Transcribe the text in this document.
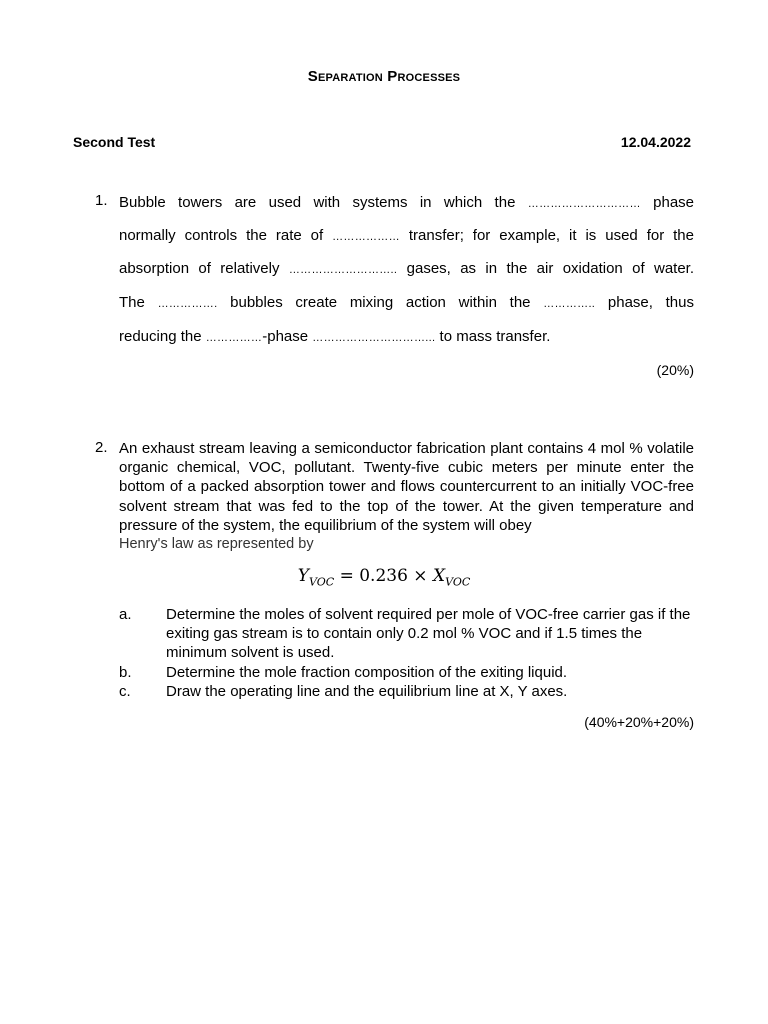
Separation Processes
Second Test	12.04.2022
1. Bubble towers are used with systems in which the ………………………… phase
normally controls the rate of ……………… transfer; for example, it is used for the
absorption of relatively ……………………….. gases, as in the air oxidation of water.
The ……………. bubbles create mixing action within the ………….. phase, thus
reducing the ……………-phase …………………………... to mass transfer.
(20%)
2. An exhaust stream leaving a semiconductor fabrication plant contains 4 mol % volatile organic chemical, VOC, pollutant. Twenty-five cubic meters per minute enter the bottom of a packed absorption tower and flows countercurrent to an initially VOC-free solvent stream that was fed to the top of the tower. At the given temperature and pressure of the system, the equilibrium of the system will obey
Henry's law as represented by
$Y_{VOC} = 0.236 \times X_{VOC}$
a. Determine the moles of solvent required per mole of VOC-free carrier gas if the exiting gas stream is to contain only 0.2 mol % VOC and if 1.5 times the minimum solvent is used.
b. Determine the mole fraction composition of the exiting liquid.
c. Draw the operating line and the equilibrium line at X, Y axes.
(40%+20%+20%)
